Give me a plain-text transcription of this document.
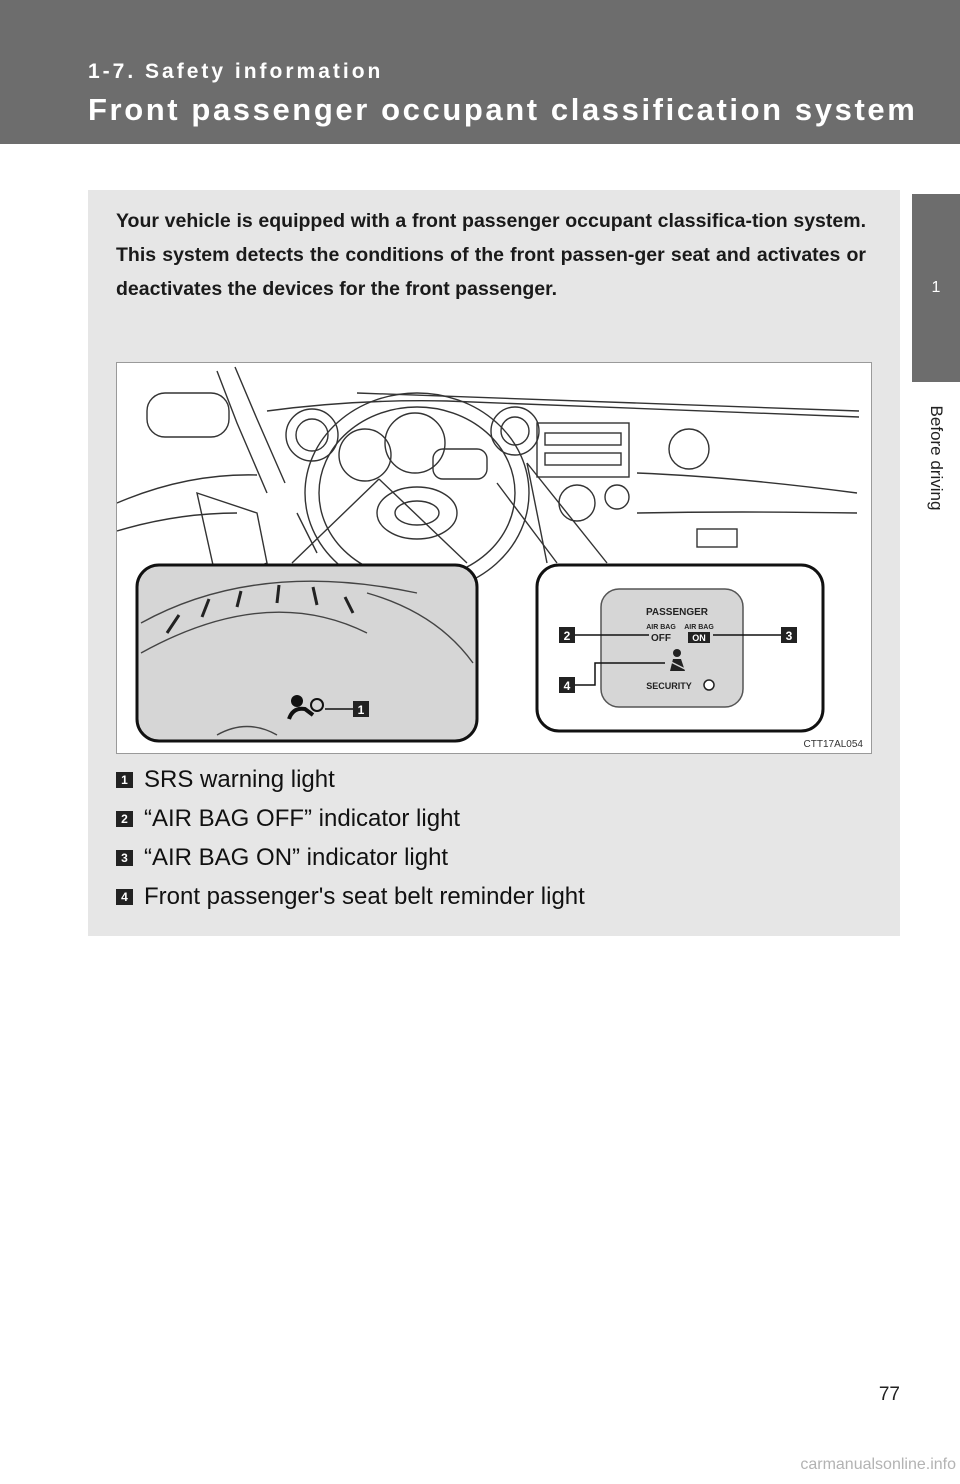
1-7. Safety information
Front passenger occupant classification system
1
Before driving

Your vehicle is equipped with a front passenger occupant classifica-tion system. This system detects the conditions of the front passen-ger seat and activates or deactivates the devices for the front passenger.

1
PASSENGER
AIR BAG AIR BAG
OFF ON
SECURITY
2	3
4
CTT17AL054
1 SRS warning light
2 “AIR BAG OFF” indicator light
3 “AIR BAG ON” indicator light
4 Front passenger's seat belt reminder light
77
carmanualsonline.info
